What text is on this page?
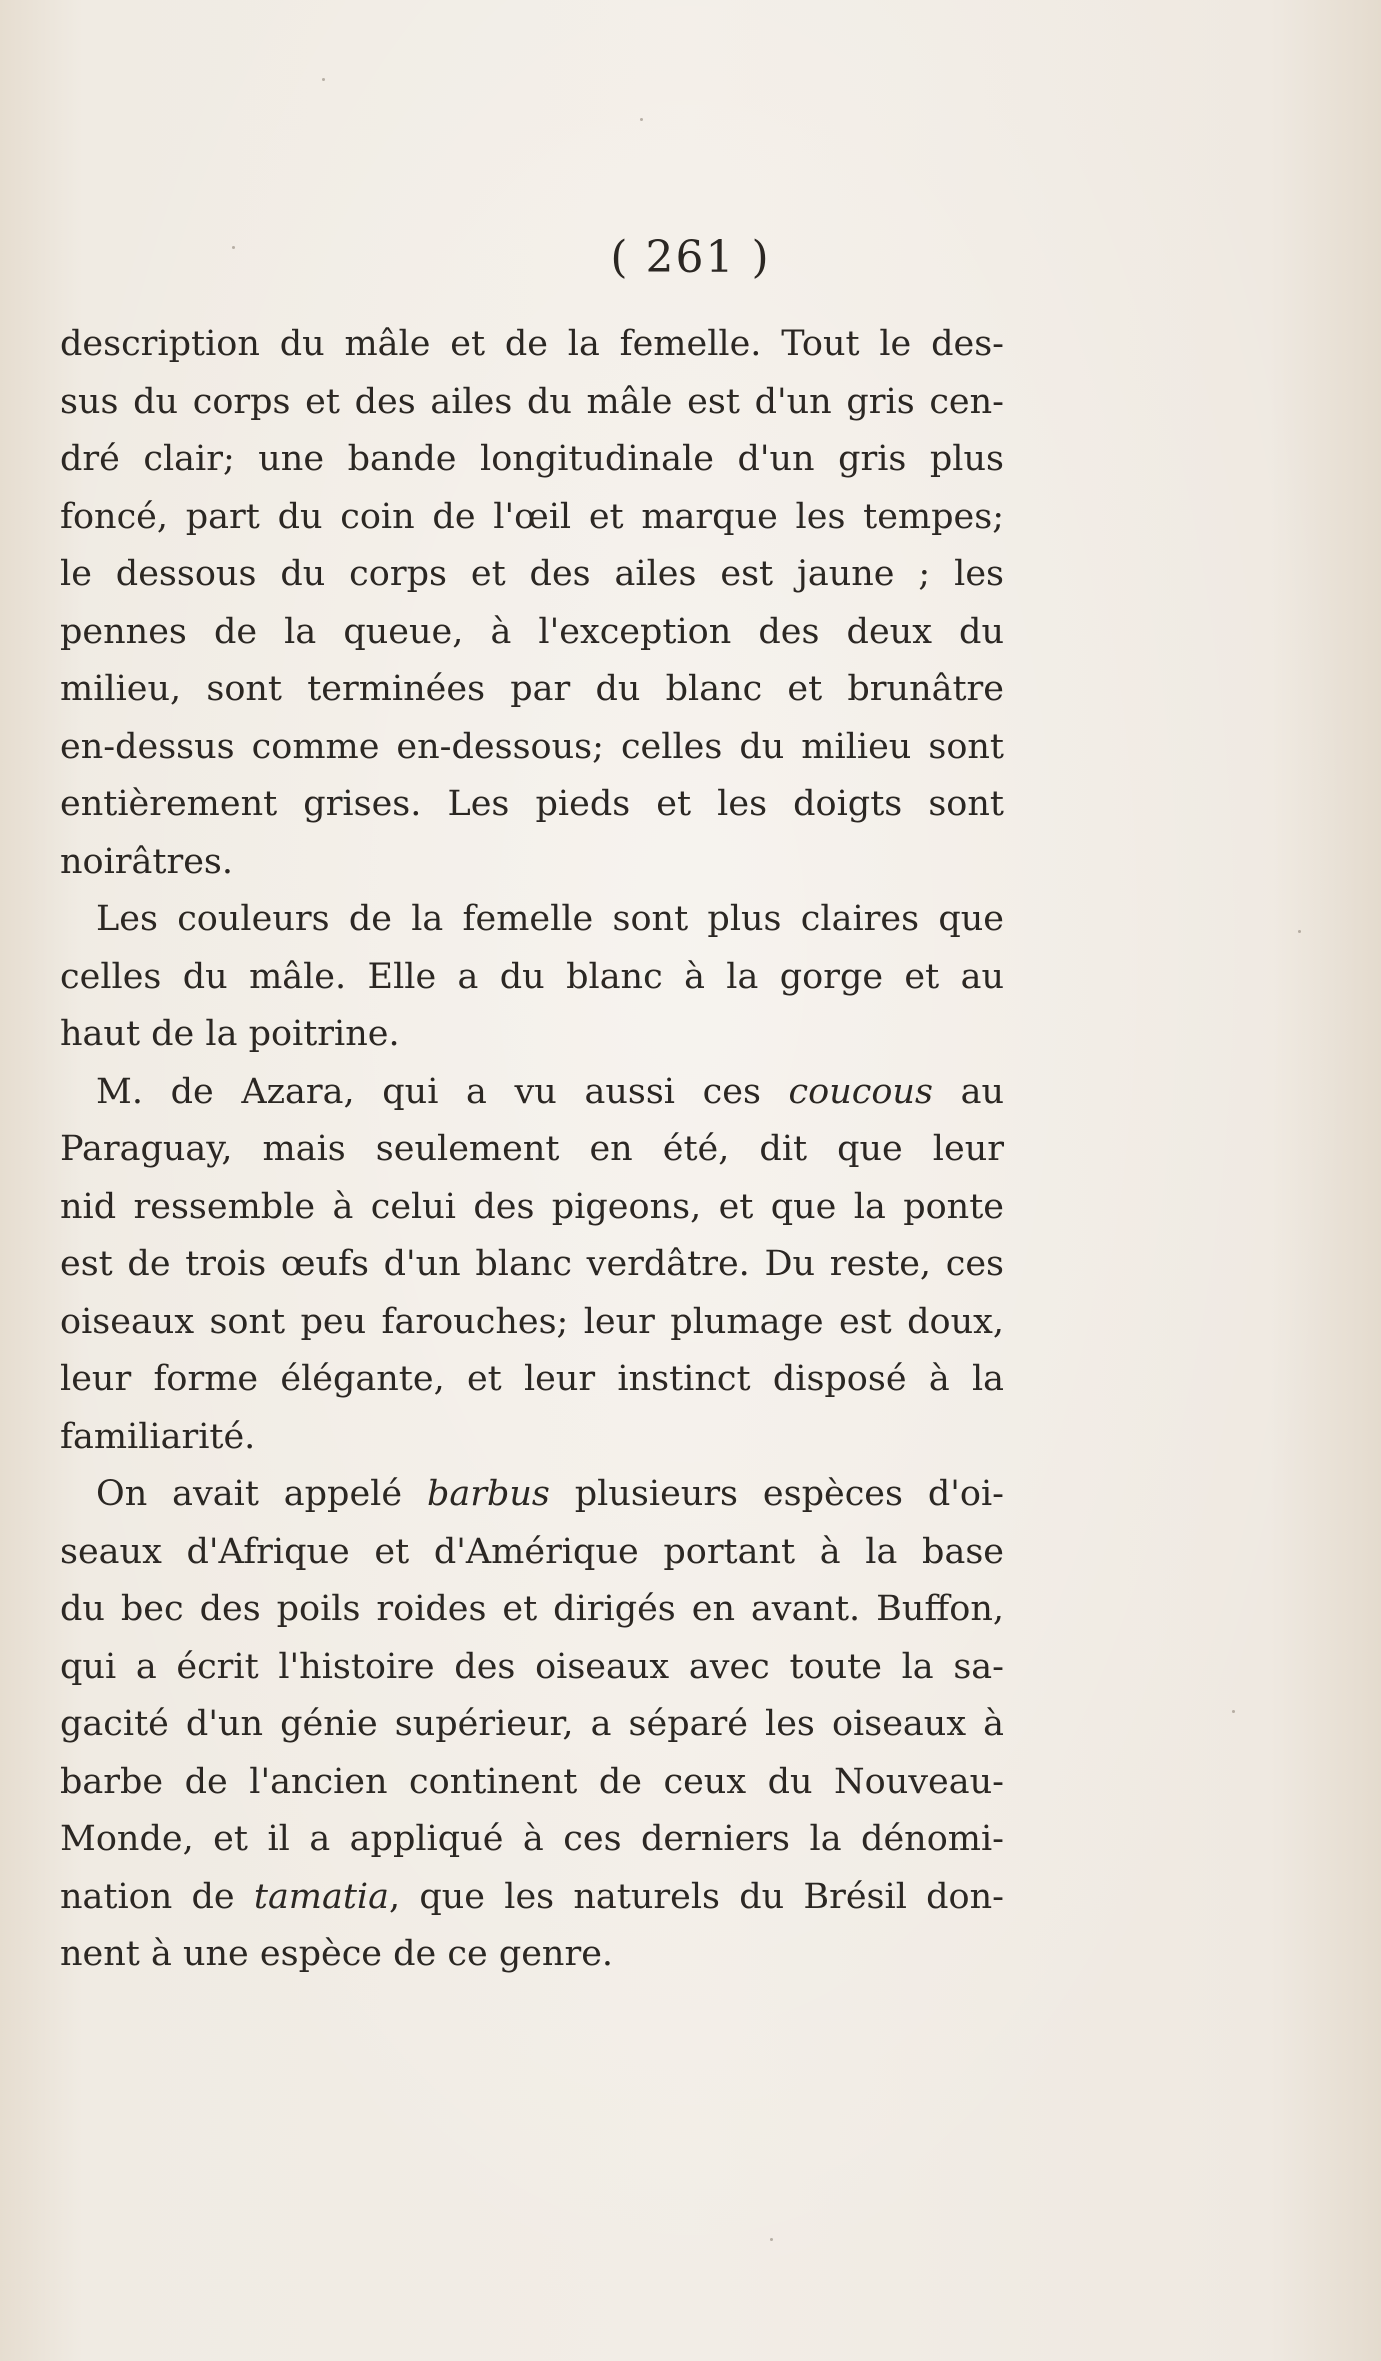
( 261 )
description du mâle et de la femelle. Tout le des-
sus du corps et des ailes du mâle est d'un gris cen-
dré clair; une bande longitudinale d'un gris plus
foncé, part du coin de l'œil et marque les tempes;
le dessous du corps et des ailes est jaune ; les
pennes de la queue, à l'exception des deux du
milieu, sont terminées par du blanc et brunâtre
en-dessus comme en-dessous; celles du milieu sont
entièrement grises. Les pieds et les doigts sont
noirâtres.
Les couleurs de la femelle sont plus claires que
celles du mâle. Elle a du blanc à la gorge et au
haut de la poitrine.
M. de Azara, qui a vu aussi ces coucous au
Paraguay, mais seulement en été, dit que leur
nid ressemble à celui des pigeons, et que la ponte
est de trois œufs d'un blanc verdâtre. Du reste, ces
oiseaux sont peu farouches; leur plumage est doux,
leur forme élégante, et leur instinct disposé à la
familiarité.
On avait appelé barbus plusieurs espèces d'oi-
seaux d'Afrique et d'Amérique portant à la base
du bec des poils roides et dirigés en avant. Buffon,
qui a écrit l'histoire des oiseaux avec toute la sa-
gacité d'un génie supérieur, a séparé les oiseaux à
barbe de l'ancien continent de ceux du Nouveau-
Monde, et il a appliqué à ces derniers la dénomi-
nation de tamatia, que les naturels du Brésil don-
nent à une espèce de ce genre.
